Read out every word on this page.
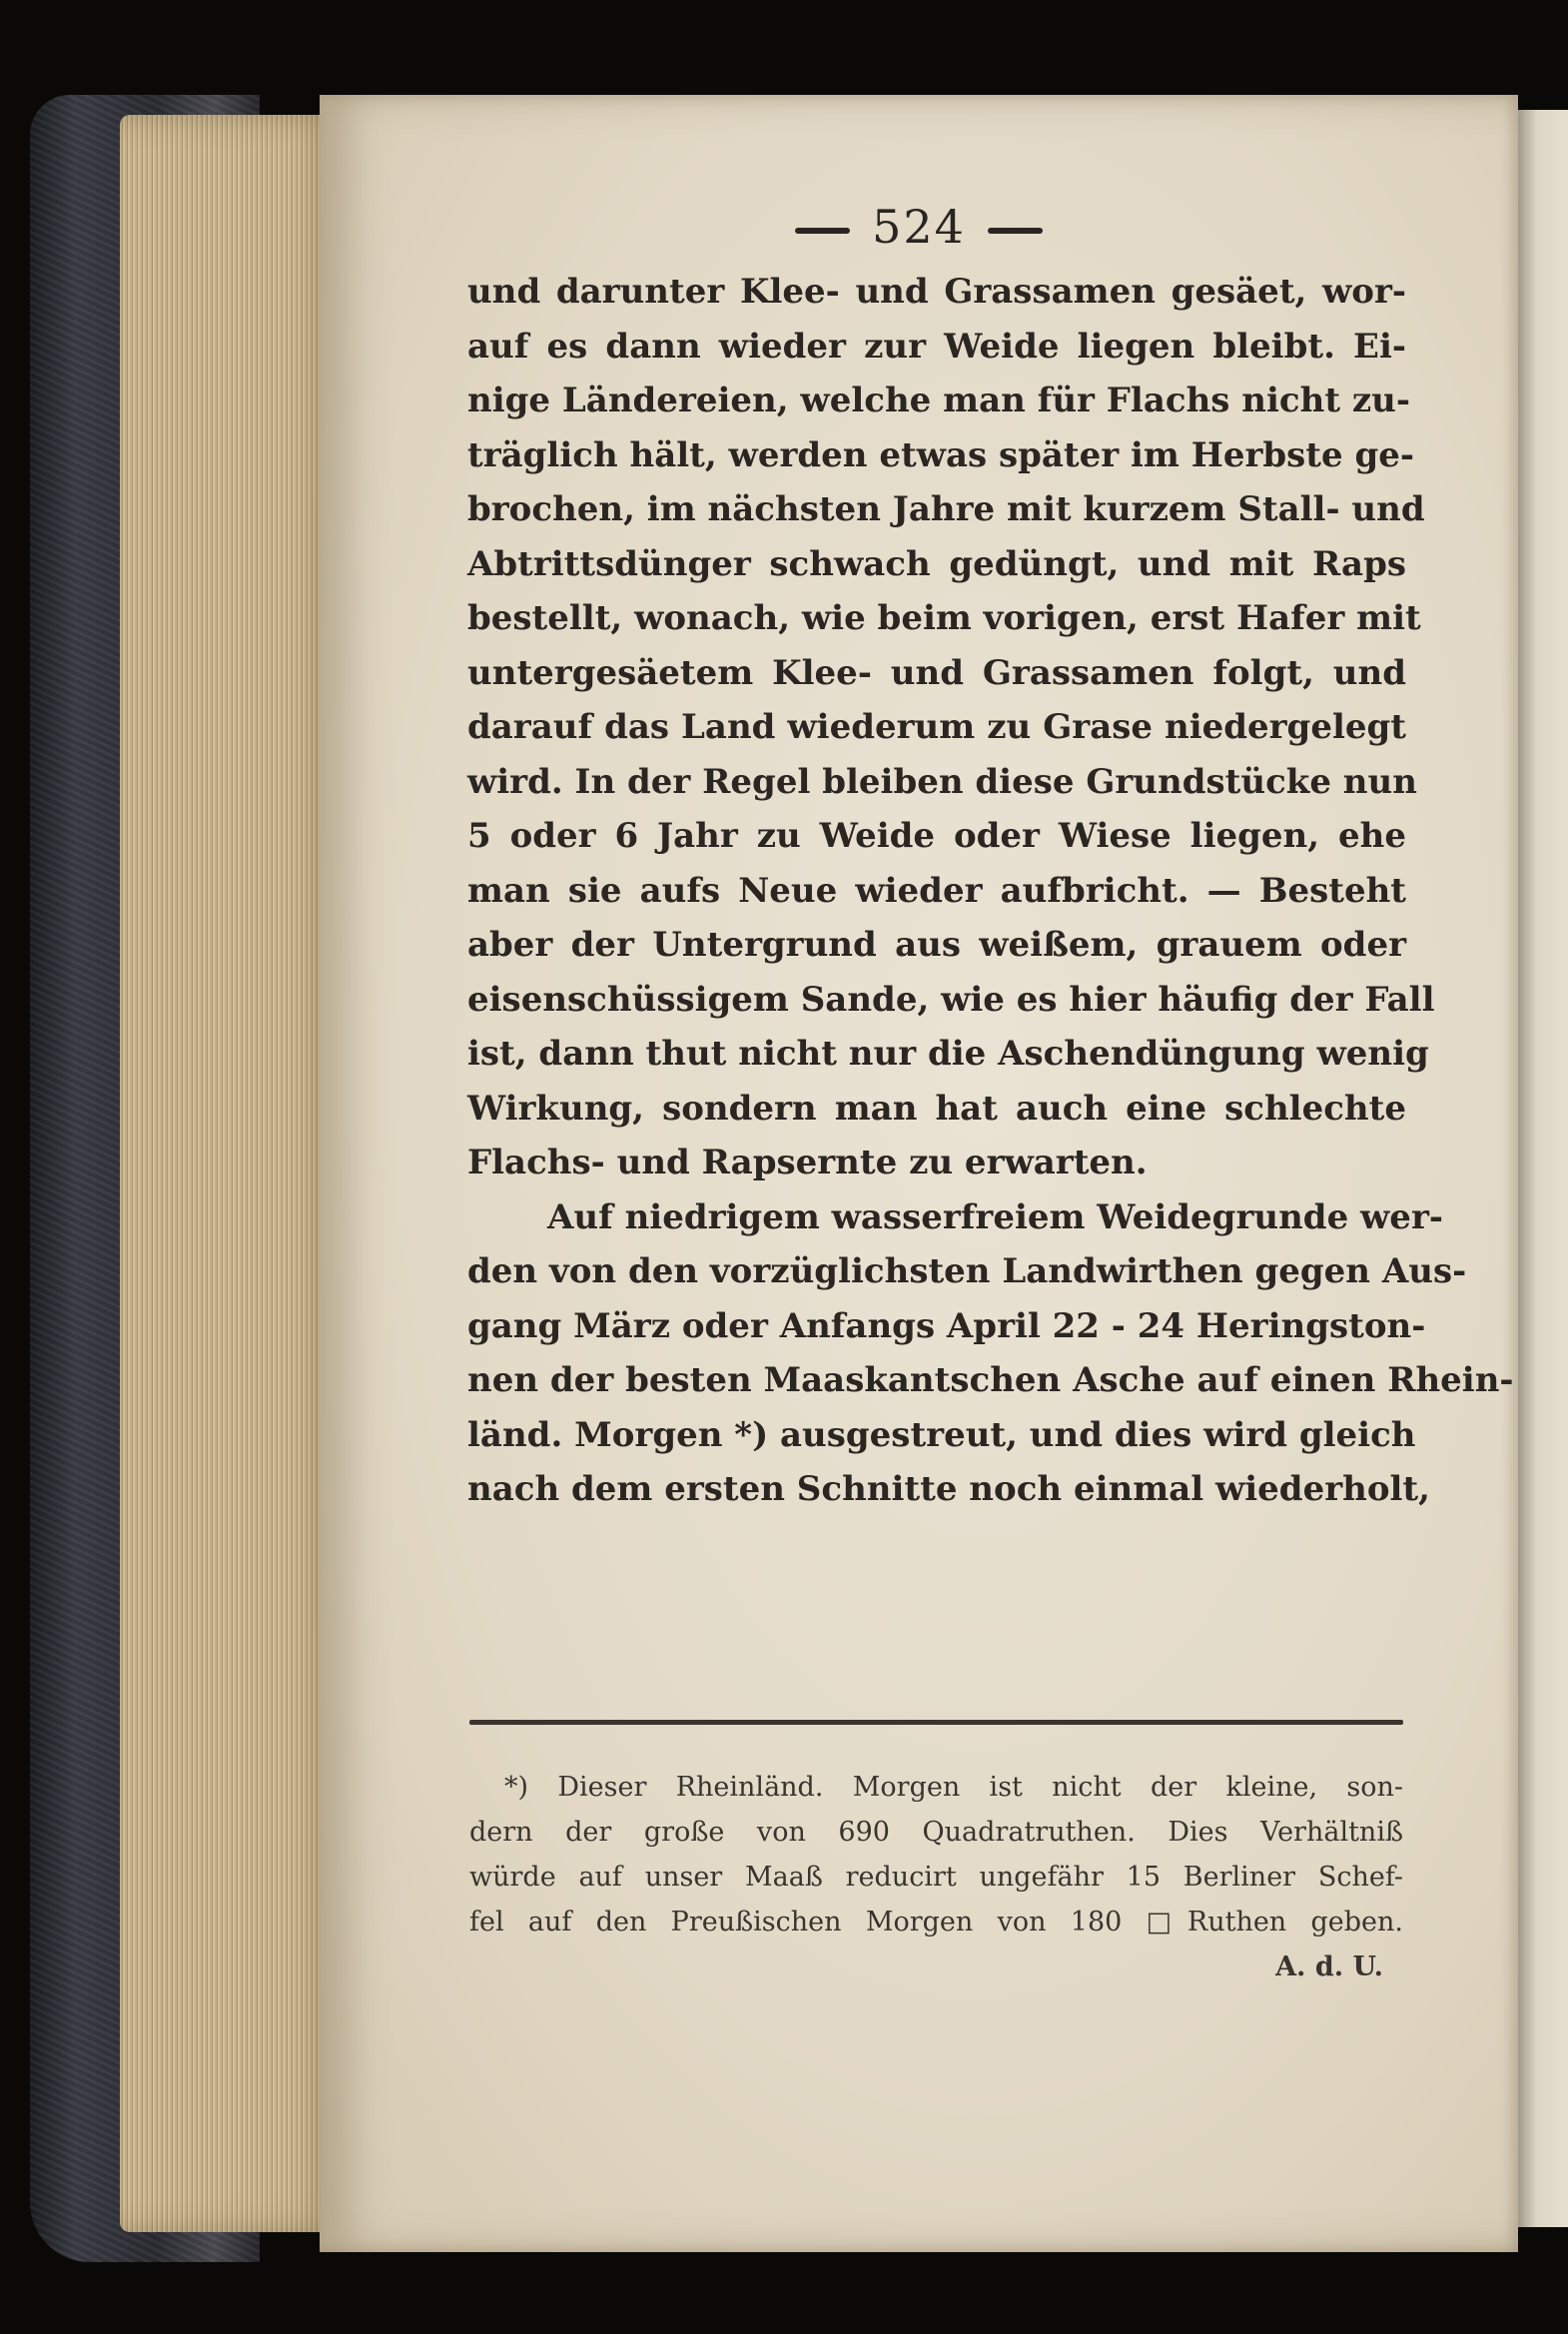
524
und darunter Klee- und Grassamen gesäet, wor-
auf es dann wieder zur Weide liegen bleibt. Ei-
nige Ländereien, welche man für Flachs nicht zu-
träglich hält, werden etwas später im Herbste ge-
brochen, im nächsten Jahre mit kurzem Stall- und
Abtrittsdünger schwach gedüngt, und mit Raps
bestellt, wonach, wie beim vorigen, erst Hafer mit
untergesäetem Klee- und Grassamen folgt, und
darauf das Land wiederum zu Grase niedergelegt
wird. In der Regel bleiben diese Grundstücke nun
5 oder 6 Jahr zu Weide oder Wiese liegen, ehe
man sie aufs Neue wieder aufbricht. — Besteht
aber der Untergrund aus weißem, grauem oder
eisenschüssigem Sande, wie es hier häufig der Fall
ist, dann thut nicht nur die Aschendüngung wenig
Wirkung, sondern man hat auch eine schlechte
Flachs- und Rapsernte zu erwarten.
Auf niedrigem wasserfreiem Weidegrunde wer-
den von den vorzüglichsten Landwirthen gegen Aus-
gang März oder Anfangs April 22 - 24 Heringston-
nen der besten Maaskantschen Asche auf einen Rhein-
länd. Morgen *) ausgestreut, und dies wird gleich
nach dem ersten Schnitte noch einmal wiederholt,
*) Dieser Rheinländ. Morgen ist nicht der kleine, son-
dern der große von 690 Quadratruthen. Dies Verhältniß
würde auf unser Maaß reducirt ungefähr 15 Berliner Schef-
fel auf den Preußischen Morgen von 180 □Ruthen geben.
A. d. U.
